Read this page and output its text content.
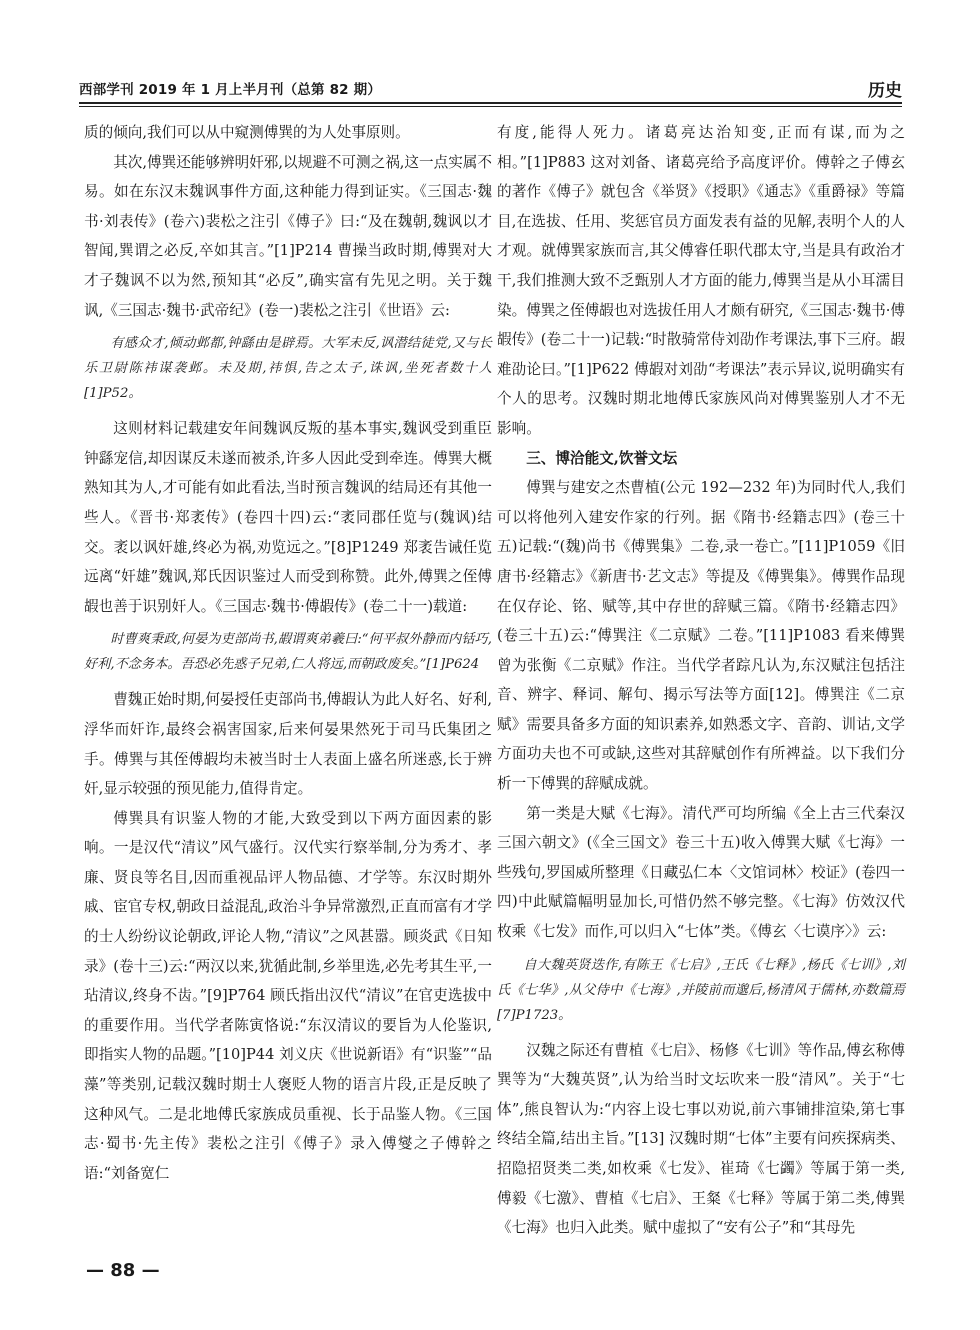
西部学刊 2019 年 1 月上半月刊（总第 82 期）	历史

质的倾向,我们可以从中窥测傅巽的为人处事原则。

其次,傅巽还能够辨明奸邪,以规避不可测之祸,这一点实属不易。如在东汉末魏讽事件方面,这种能力得到证实。《三国志·魏书·刘表传》(卷六)裴松之注引《傅子》曰:“及在魏朝,魏讽以才智闻,巽谓之必反,卒如其言。”[1]P214 曹操当政时期,傅巽对大才子魏讽不以为然,预知其“必反”,确实富有先见之明。关于魏讽,《三国志·魏书·武帝纪》(卷一)裴松之注引《世语》云:

有感众才,倾动邺都,钟繇由是辟焉。大军未反,讽潜结徒党,又与长乐卫尉陈祎谋袭邺。未及期,祎惧,告之太子,诛讽,坐死者数十人[1]P52。

这则材料记载建安年间魏讽反叛的基本事实,魏讽受到重臣钟繇宠信,却因谋反未遂而被杀,许多人因此受到牵连。傅巽大概熟知其为人,才可能有如此看法,当时预言魏讽的结局还有其他一些人。《晋书·郑袤传》(卷四十四)云:“袤同郡任览与(魏讽)结交。袤以讽奸雄,终必为祸,劝览远之。”[8]P1249 郑袤告诫任览远离“奸雄”魏讽,郑氏因识鉴过人而受到称赞。此外,傅巽之侄傅嘏也善于识别奸人。《三国志·魏书·傅嘏传》(卷二十一)载道:

时曹爽秉政,何晏为吏部尚书,嘏谓爽弟羲曰:“何平叔外静而内铦巧,好利,不念务本。吾恐必先惑子兄弟,仁人将远,而朝政废矣。”[1]P624

曹魏正始时期,何晏授任吏部尚书,傅嘏认为此人好名、好利,浮华而奸诈,最终会祸害国家,后来何晏果然死于司马氏集团之手。傅巽与其侄傅嘏均未被当时士人表面上盛名所迷惑,长于辨奸,显示较强的预见能力,值得肯定。

傅巽具有识鉴人物的才能,大致受到以下两方面因素的影响。一是汉代“清议”风气盛行。汉代实行察举制,分为秀才、孝廉、贤良等名目,因而重视品评人物品德、才学等。东汉时期外戚、宦官专权,朝政日益混乱,政治斗争异常激烈,正直而富有才学的士人纷纷议论朝政,评论人物,“清议”之风甚嚣。顾炎武《日知录》(卷十三)云:“两汉以来,犹循此制,乡举里选,必先考其生平,一玷清议,终身不齿。”[9]P764 顾氏指出汉代“清议”在官吏选拔中的重要作用。当代学者陈寅恪说:“东汉清议的要旨为人伦鉴识,即指实人物的品题。”[10]P44 刘义庆《世说新语》有“识鉴”“品藻”等类别,记载汉魏时期士人褒贬人物的语言片段,正是反映了这种风气。二是北地傅氏家族成员重视、长于品鉴人物。《三国志·蜀书·先主传》裴松之注引《傅子》录入傅燮之子傅幹之语:“刘备宽仁

有度,能得人死力。诸葛亮达治知变,正而有谋,而为之相。”[1]P883 这对刘备、诸葛亮给予高度评价。傅幹之子傅玄的著作《傅子》就包含《举贤》《授职》《通志》《重爵禄》等篇目,在选拔、任用、奖惩官员方面发表有益的见解,表明个人的人才观。就傅巽家族而言,其父傅睿任职代郡太守,当是具有政治才干,我们推测大致不乏甄别人才方面的能力,傅巽当是从小耳濡目染。傅巽之侄傅嘏也对选拔任用人才颇有研究,《三国志·魏书·傅嘏传》(卷二十一)记载:“时散骑常侍刘劭作考课法,事下三府。嘏难劭论曰。”[1]P622 傅嘏对刘劭“考课法”表示异议,说明确实有个人的思考。汉魏时期北地傅氏家族风尚对傅巽鉴别人才不无影响。

三、博洽能文,饮誉文坛

傅巽与建安之杰曹植(公元 192—232 年)为同时代人,我们可以将他列入建安作家的行列。据《隋书·经籍志四》(卷三十五)记载:“(魏)尚书《傅巽集》二卷,录一卷亡。”[11]P1059《旧唐书·经籍志》《新唐书·艺文志》等提及《傅巽集》。傅巽作品现在仅存论、铭、赋等,其中存世的辞赋三篇。《隋书·经籍志四》(卷三十五)云:“傅巽注《二京赋》二卷。”[11]P1083 看来傅巽曾为张衡《二京赋》作注。当代学者踪凡认为,东汉赋注包括注音、辨字、释词、解句、揭示写法等方面[12]。傅巽注《二京赋》需要具备多方面的知识素养,如熟悉文字、音韵、训诂,文学方面功夫也不可或缺,这些对其辞赋创作有所裨益。以下我们分析一下傅巽的辞赋成就。

第一类是大赋《七海》。清代严可均所编《全上古三代秦汉三国六朝文》(《全三国文》卷三十五)收入傅巽大赋《七海》一些残句,罗国威所整理《日藏弘仁本〈文馆词林〉校证》(卷四一四)中此赋篇幅明显加长,可惜仍然不够完整。《七海》仿效汉代枚乘《七发》而作,可以归入“七体”类。《傅玄〈七谟序〉》云:

自大魏英贤迭作,有陈王《七启》,王氏《七释》,杨氏《七训》,刘氏《七华》,从父侍中《七海》,并陵前而邈后,杨清风于儒林,亦数篇焉[7]P1723。

汉魏之际还有曹植《七启》、杨修《七训》等作品,傅玄称傅巽等为“大魏英贤”,认为给当时文坛吹来一股“清风”。关于“七体”,熊良智认为:“内容上设七事以劝说,前六事铺排渲染,第七事终结全篇,结出主旨。”[13] 汉魏时期“七体”主要有问疾探病类、招隐招贤类二类,如枚乘《七发》、崔琦《七蠲》等属于第一类,傅毅《七激》、曹植《七启》、王粲《七释》等属于第二类,傅巽《七海》也归入此类。赋中虚拟了“安有公子”和“其母先

— 88 —
